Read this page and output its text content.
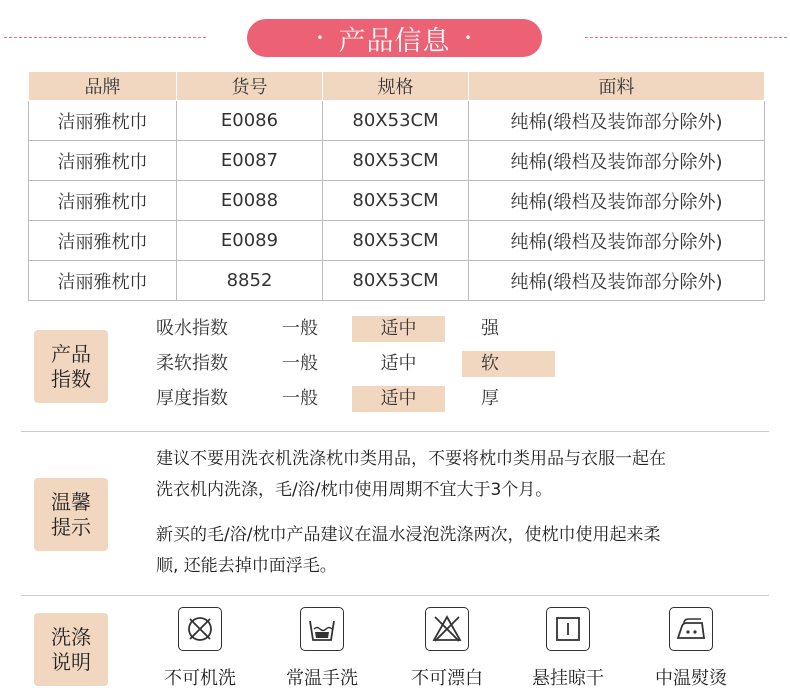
• 产品信息 •
品牌	货号	规格	面料
洁丽雅枕巾	E0086	80X53CM	纯棉(缎档及装饰部分除外)
洁丽雅枕巾	E0087	80X53CM	纯棉(缎档及装饰部分除外)
洁丽雅枕巾	E0088	80X53CM	纯棉(缎档及装饰部分除外)
洁丽雅枕巾	E0089	80X53CM	纯棉(缎档及装饰部分除外)
洁丽雅枕巾	8852	80X53CM	纯棉(缎档及装饰部分除外)
产品
指数
吸水指数	一般	适中	强
柔软指数	一般	适中	软
厚度指数	一般	适中	厚
温馨
提示
建议不要用洗衣机洗涤枕巾类用品，不要将枕巾类用品与衣服一起在
洗衣机内洗涤，毛/浴/枕巾使用周期不宜大于3个月。
新买的毛/浴/枕巾产品建议在温水浸泡洗涤两次，使枕巾使用起来柔
顺, 还能去掉巾面浮毛。
洗涤
说明
不可机洗	常温手洗	不可漂白	悬挂晾干	中温熨烫
